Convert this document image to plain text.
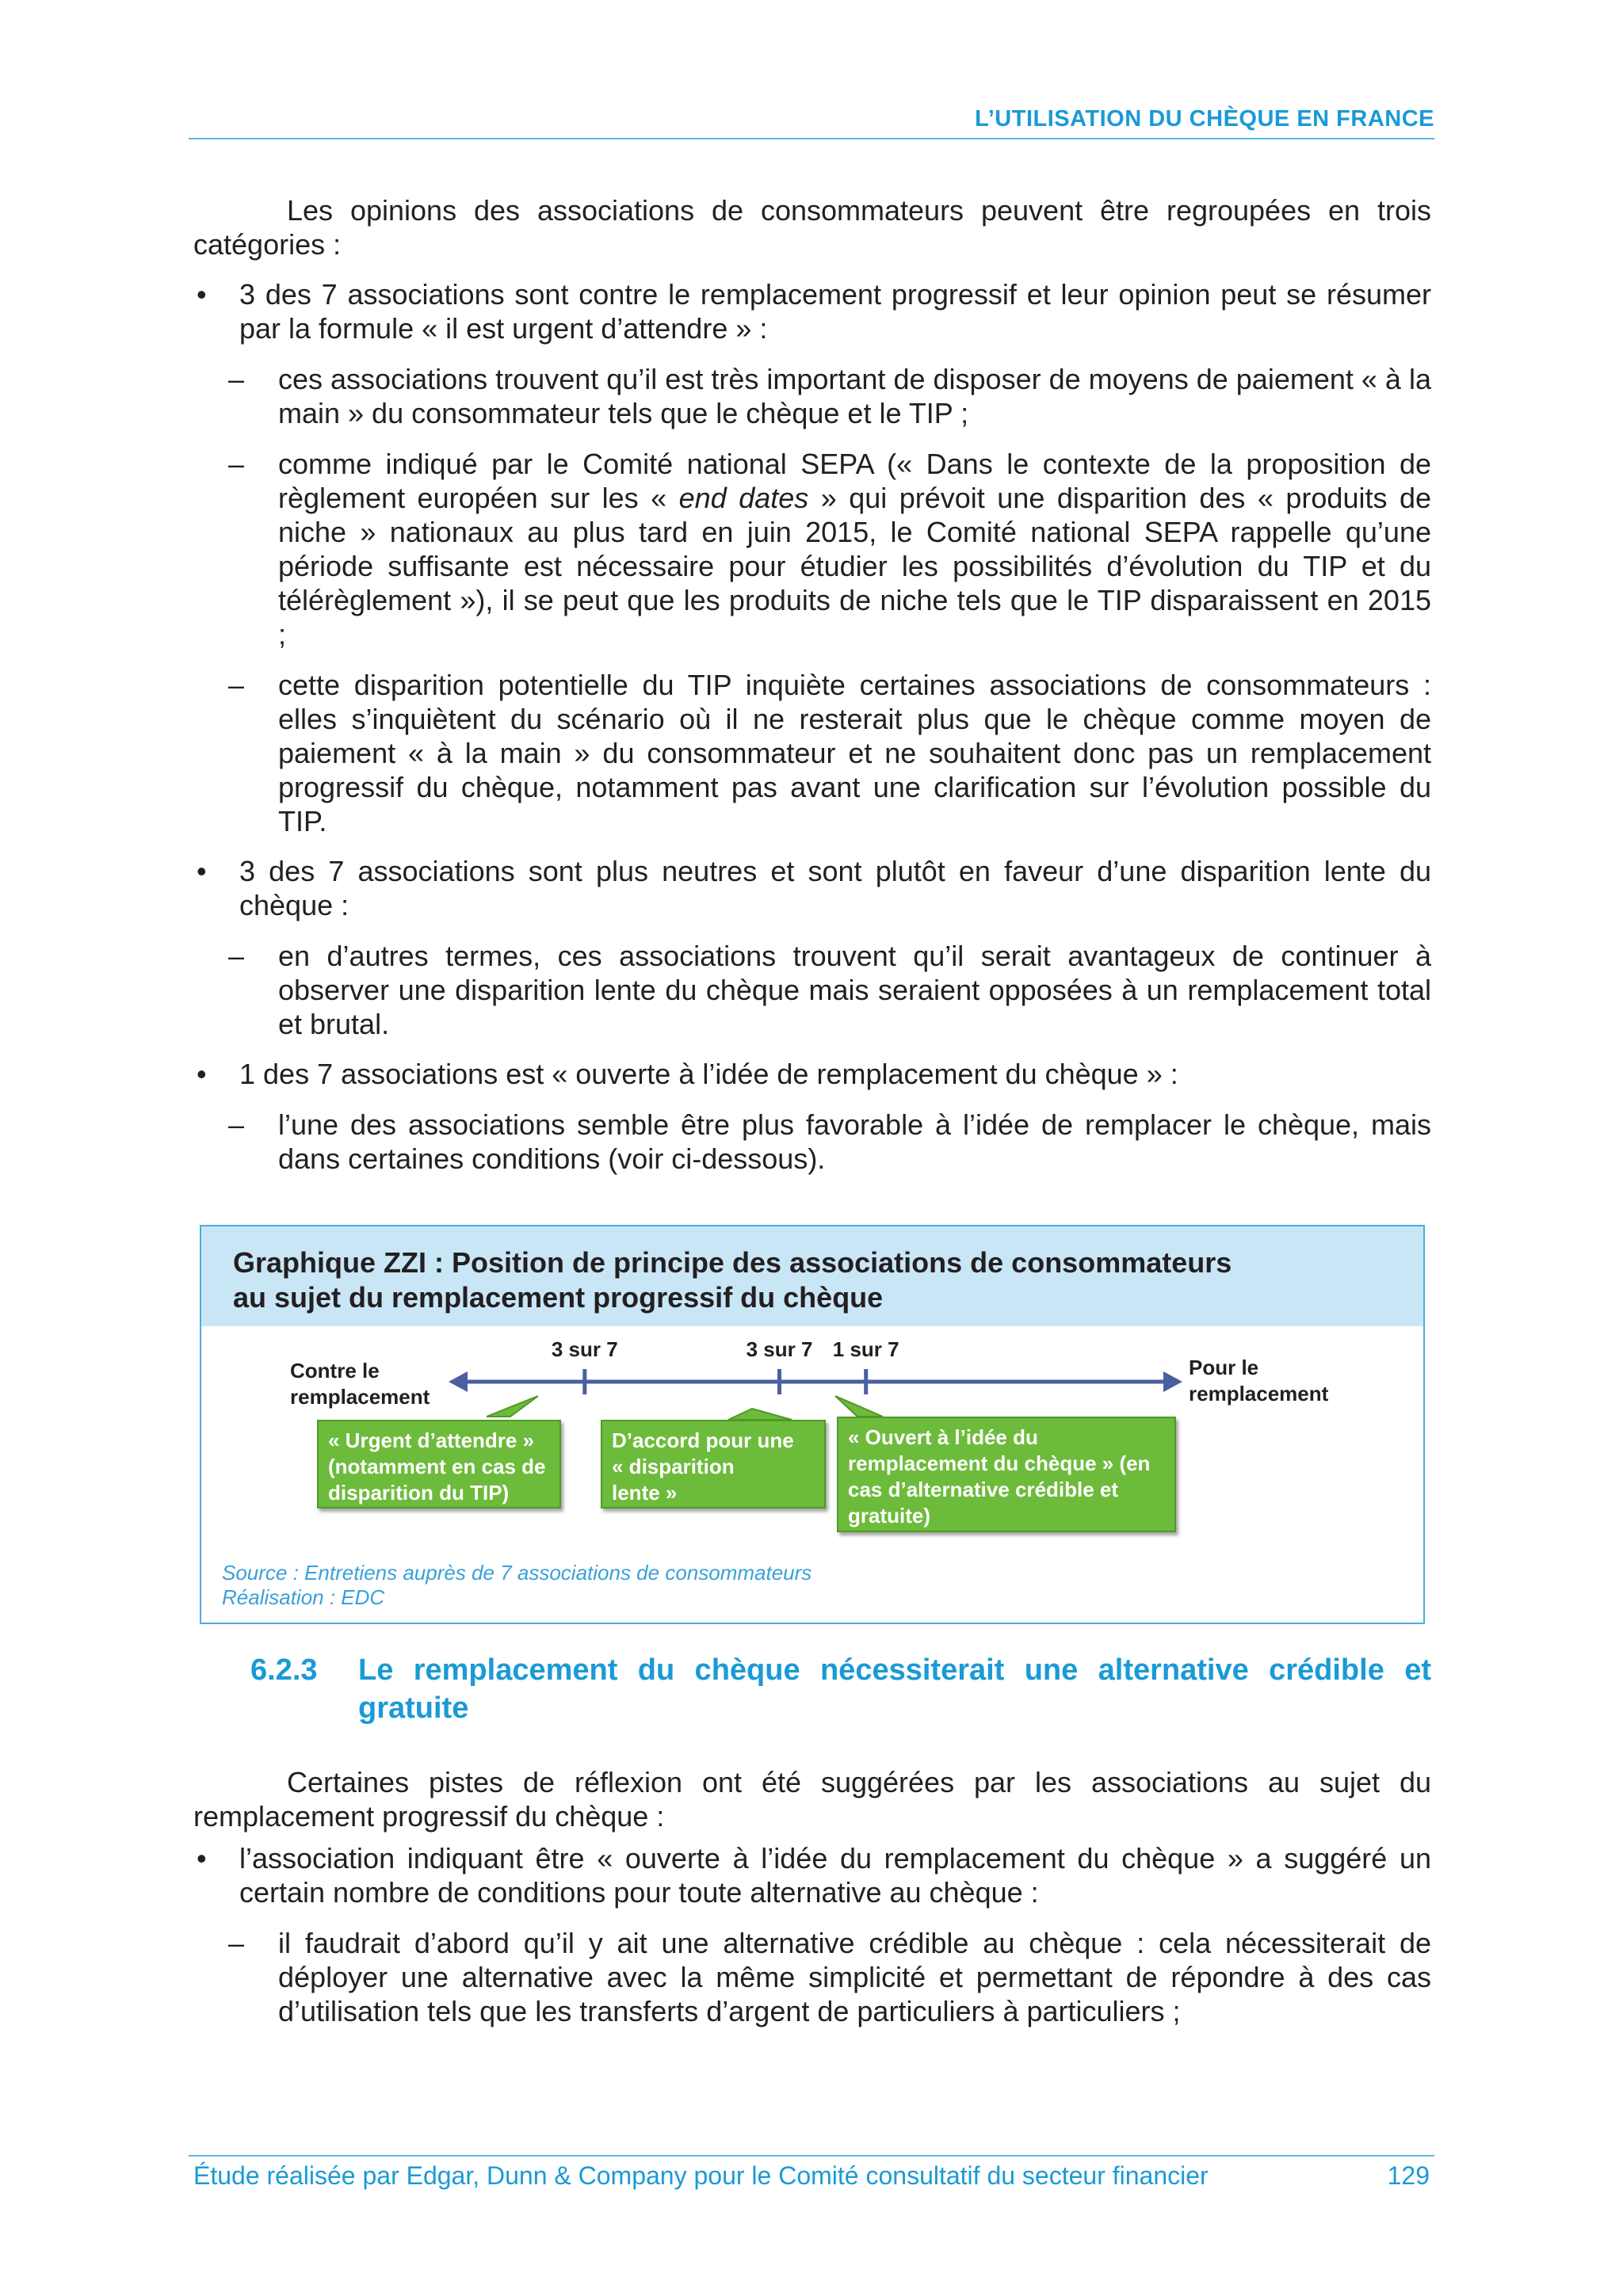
L’UTILISATION DU CHÈQUE EN FRANCE

Les opinions des associations de consommateurs peuvent être regroupées en trois catégories :

• 3 des 7 associations sont contre le remplacement progressif et leur opinion peut se résumer par la formule « il est urgent d’attendre » :
– ces associations trouvent qu’il est très important de disposer de moyens de paiement « à la main » du consommateur tels que le chèque et le TIP ;
– comme indiqué par le Comité national SEPA (« Dans le contexte de la proposition de règlement européen sur les « end dates » qui prévoit une disparition des « produits de niche » nationaux au plus tard en juin 2015, le Comité national SEPA rappelle qu’une période suffisante est nécessaire pour étudier les possibilités d’évolution du TIP et du télérèglement »), il se peut que les produits de niche tels que le TIP disparaissent en 2015 ;
– cette disparition potentielle du TIP inquiète certaines associations de consommateurs : elles s’inquiètent du scénario où il ne resterait plus que le chèque comme moyen de paiement « à la main » du consommateur et ne souhaitent donc pas un remplacement progressif du chèque, notamment pas avant une clarification sur l’évolution possible du TIP.
• 3 des 7 associations sont plus neutres et sont plutôt en faveur d’une disparition lente du chèque :
– en d’autres termes, ces associations trouvent qu’il serait avantageux de continuer à observer une disparition lente du chèque mais seraient opposées à un remplacement total et brutal.
• 1 des 7 associations est « ouverte à l’idée de remplacement du chèque » :
– l’une des associations semble être plus favorable à l’idée de remplacer le chèque, mais dans certaines conditions (voir ci-dessous).
Graphique ZZI : Position de principe des associations de consommateurs
au sujet du remplacement progressif du chèque
Contre le
remplacement
Pour le
remplacement
3 sur 7	3 sur 7 1 sur 7
« Urgent d’attendre »
(notamment en cas de
disparition du TIP)
D’accord pour une
« disparition
lente »
« Ouvert à l’idée du
remplacement du chèque » (en
cas d’alternative crédible et
gratuite)
Source : Entretiens auprès de 7 associations de consommateurs
Réalisation : EDC
6.2.3 Le remplacement du chèque nécessiterait une alternative crédible et gratuite

Certaines pistes de réflexion ont été suggérées par les associations au sujet du remplacement progressif du chèque :

• l’association indiquant être « ouverte à l’idée du remplacement du chèque » a suggéré un certain nombre de conditions pour toute alternative au chèque :
– il faudrait d’abord qu’il y ait une alternative crédible au chèque : cela nécessiterait de déployer une alternative avec la même simplicité et permettant de répondre à des cas d’utilisation tels que les transferts d’argent de particuliers à particuliers ;
Étude réalisée par Edgar, Dunn & Company pour le Comité consultatif du secteur financier	129
